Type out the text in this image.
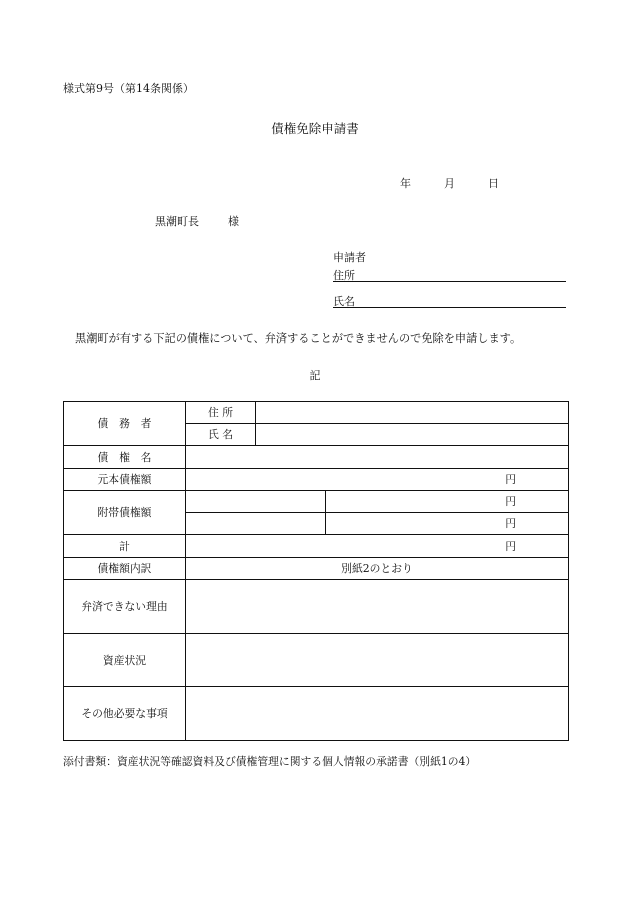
様式第9号（第14条関係）
債権免除申請書
年	月	日
黒潮町長	様
申請者
住所
氏名
黒潮町が有する下記の債権について、弁済することができませんので免除を申請します。
記
債　務　者	住 所		
	氏 名		
債　権　名			
元本債権額	円		
附帯債権額			円
			円
計	円		
債権額内訳	別紙2のとおり		
弁済できない理由			
資産状況			
その他必要な事項			
添付書類：資産状況等確認資料及び債権管理に関する個人情報の承諾書（別紙1の4）
